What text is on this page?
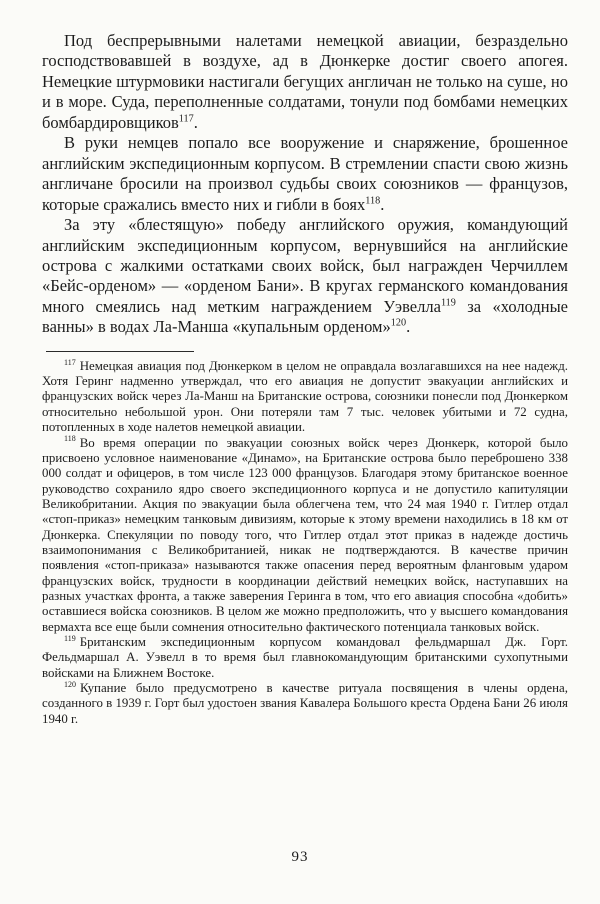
Под беспрерывными налетами немецкой авиации, безраздельно господствовавшей в воздухе, ад в Дюнкерке достиг своего апогея. Немецкие штурмовики настигали бегущих англичан не только на суше, но и в море. Суда, переполненные солдатами, тонули под бомбами немецких бомбардировщиков$^{117}$.

В руки немцев попало все вооружение и снаряжение, брошенное английским экспедиционным корпусом. В стремлении спасти свою жизнь англичане бросили на произвол судьбы своих союзников — французов, которые сражались вместо них и гибли в боях$^{118}$.

За эту «блестящую» победу английского оружия, командующий английским экспедиционным корпусом, вернувшийся на английские острова с жалкими остатками своих войск, был награжден Черчиллем «Бейс-орденом» — «орденом Бани». В кругах германского командования много смеялись над метким награждением Уэвелла$^{119}$ за «холодные ванны» в водах Ла-Манша «купальным орденом»$^{120}$.

$^{117}$ Немецкая авиация под Дюнкерком в целом не оправдала возлагавшихся на нее надежд. Хотя Геринг надменно утверждал, что его авиация не допустит эвакуации английских и французских войск через Ла-Манш на Британские острова, союзники понесли под Дюнкерком относительно небольшой урон. Они потеряли там 7 тыс. человек убитыми и 72 судна, потопленных в ходе налетов немецкой авиации.

$^{118}$ Во время операции по эвакуации союзных войск через Дюнкерк, которой было присвоено условное наименование «Динамо», на Британские острова было переброшено 338 000 солдат и офицеров, в том числе 123 000 французов. Благодаря этому британское военное руководство сохранило ядро своего экспедиционного корпуса и не допустило капитуляции Великобритании. Акция по эвакуации была облегчена тем, что 24 мая 1940 г. Гитлер отдал «стоп-приказ» немецким танковым дивизиям, которые к этому времени находились в 18 км от Дюнкерка. Спекуляции по поводу того, что Гитлер отдал этот приказ в надежде достичь взаимопонимания с Великобританией, никак не подтверждаются. В качестве причин появления «стоп-приказа» называются также опасения перед вероятным фланговым ударом французских войск, трудности в координации действий немецких войск, наступавших на разных участках фронта, а также заверения Геринга в том, что его авиация способна «добить» оставшиеся войска союзников. В целом же можно предположить, что у высшего командования вермахта все еще были сомнения относительно фактического потенциала танковых войск.

$^{119}$ Британским экспедиционным корпусом командовал фельдмаршал Дж. Горт. Фельдмаршал А. Уэвелл в то время был главнокомандующим британскими сухопутными войсками на Ближнем Востоке.

$^{120}$ Купание было предусмотрено в качестве ритуала посвящения в члены ордена, созданного в 1939 г. Горт был удостоен звания Кавалера Большого креста Ордена Бани 26 июля 1940 г.

93
